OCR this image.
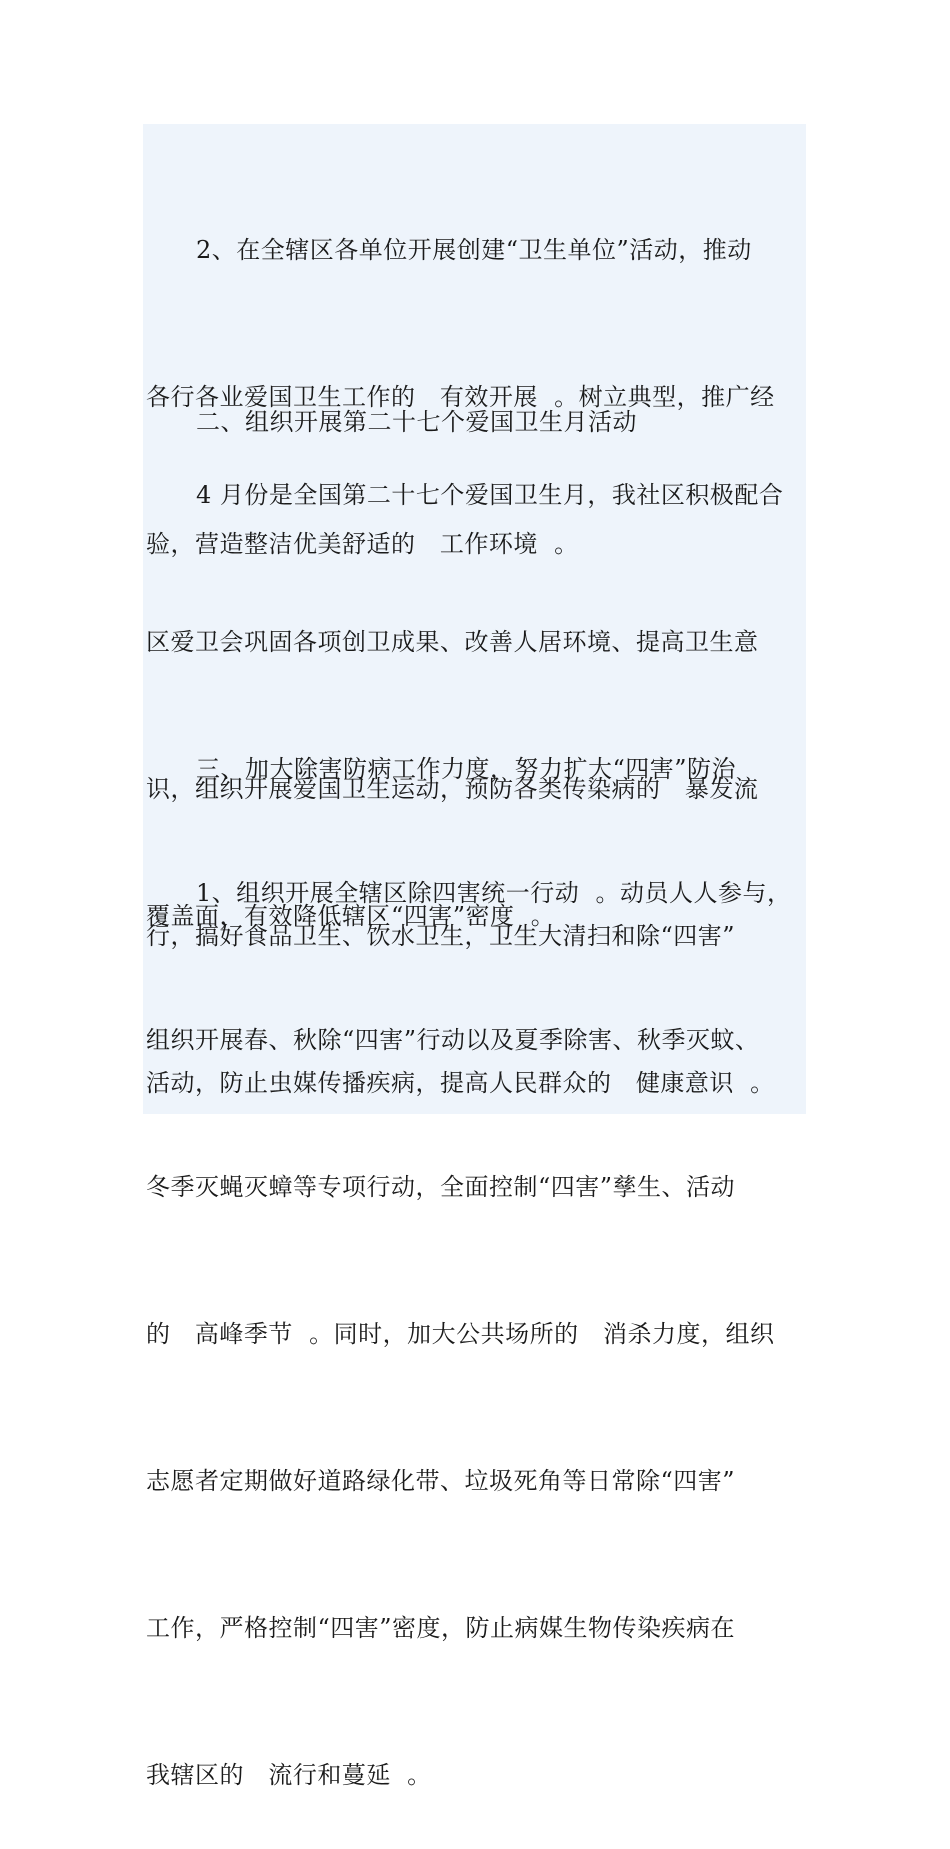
2、在全辖区各单位开展创建“卫生单位”活动，推动

各行各业爱国卫生工作的   有效开展  。树立典型，推广经

验，营造整洁优美舒适的   工作环境  。

二、组织开展第二十七个爱国卫生月活动

4 月份是全国第二十七个爱国卫生月，我社区积极配合

区爱卫会巩固各项创卫成果、改善人居环境、提高卫生意

识，组织开展爱国卫生运动，预防各类传染病的   暴发流

行，搞好食品卫生、饮水卫生，卫生大清扫和除“四害”

活动，防止虫媒传播疾病，提高人民群众的   健康意识  。

三、加大除害防病工作力度，努力扩大“四害”防治

覆盖面，有效降低辖区“四害”密度  。

1、组织开展全辖区除四害统一行动  。动员人人参与，

组织开展春、秋除“四害”行动以及夏季除害、秋季灭蚊、

冬季灭蝇灭蟑等专项行动，全面控制“四害”孳生、活动

的   高峰季节  。同时，加大公共场所的   消杀力度，组织

志愿者定期做好道路绿化带、垃圾死角等日常除“四害”

工作，严格控制“四害”密度，防止病媒生物传染疾病在

我辖区的   流行和蔓延  。
